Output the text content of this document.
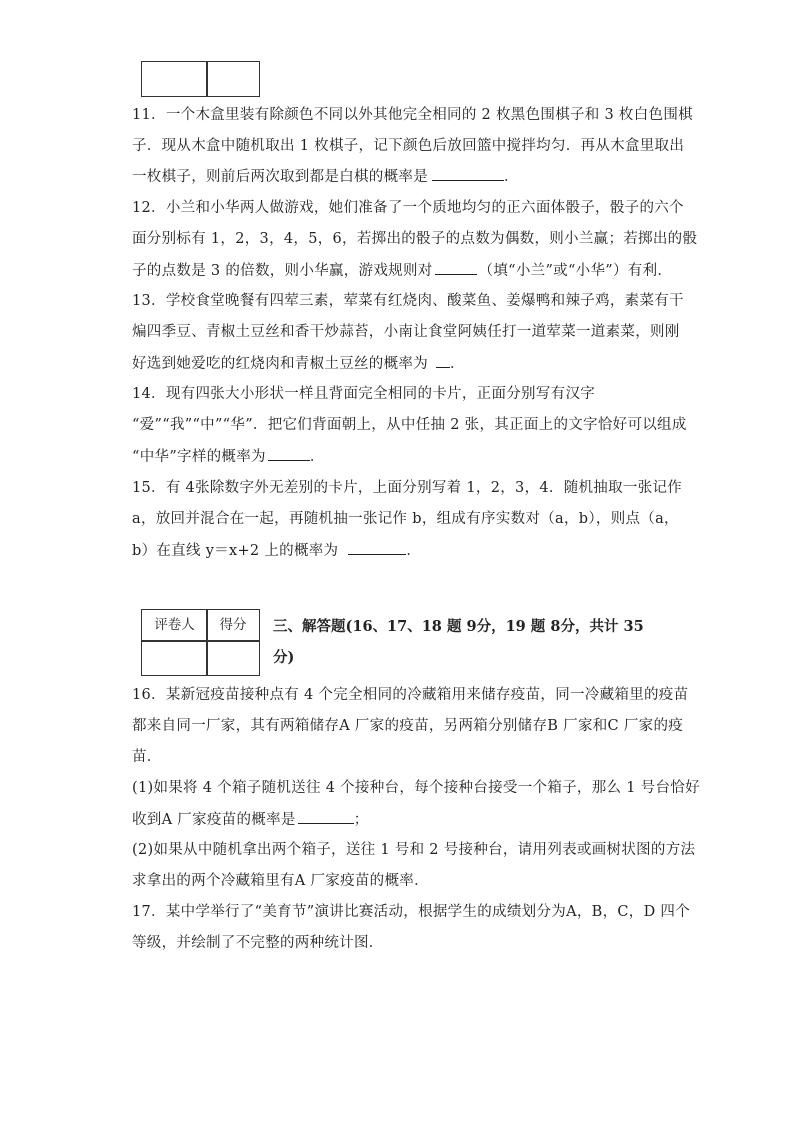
11．一个木盒里装有除颜色不同以外其他完全相同的 2 枚黑色围棋子和 3 枚白色围棋
子．现从木盒中随机取出 1 枚棋子，记下颜色后放回篮中搅拌均匀．再从木盒里取出
一枚棋子，则前后两次取到都是白棋的概率是	．
12．小兰和小华两人做游戏，她们准备了一个质地均匀的正六面体骰子，骰子的六个
面分别标有 1，2，3，4，5，6，若掷出的骰子的点数为偶数，则小兰赢；若掷出的骰
子的点数是 3 的倍数，则小华赢，游戏规则对	（填“小兰”或“小华”）有利．
13．学校食堂晚餐有四荤三素，荤菜有红烧肉、酸菜鱼、姜爆鸭和辣子鸡，素菜有干
煸四季豆、青椒土豆丝和香干炒蒜苔，小南让食堂阿姨任打一道荤菜一道素菜，则刚
好选到她爱吃的红烧肉和青椒土豆丝的概率为 ．
14．现有四张大小形状一样且背面完全相同的卡片，正面分别写有汉字
“爱”“我”“中”“华”．把它们背面朝上，从中任抽 2 张，其正面上的文字恰好可以组成
“中华”字样的概率为	．
15．有 4张除数字外无差别的卡片，上面分别写着 1，2，3，4．随机抽取一张记作
a，放回并混合在一起，再随机抽一张记作 b，组成有序实数对（a，b），则点（a，
b）在直线 y＝x+2 上的概率为	．
评卷人	得分	三、解答题(16、17、18 题 9分，19 题 8分，共计 35
分)
16．某新冠疫苗接种点有 4 个完全相同的冷藏箱用来储存疫苗，同一冷藏箱里的疫苗
都来自同一厂家，其有两箱储存A 厂家的疫苗，另两箱分别储存B 厂家和C 厂家的疫
苗．
(1)如果将 4 个箱子随机送往 4 个接种台，每个接种台接受一个箱子，那么 1 号台恰好
收到A 厂家疫苗的概率是	；
(2)如果从中随机拿出两个箱子，送往 1 号和 2 号接种台，请用列表或画树状图的方法
求拿出的两个冷藏箱里有A 厂家疫苗的概率．
17．某中学举行了“美育节”演讲比赛活动，根据学生的成绩划分为A，B，C，D 四个
等级，并绘制了不完整的两种统计图．
